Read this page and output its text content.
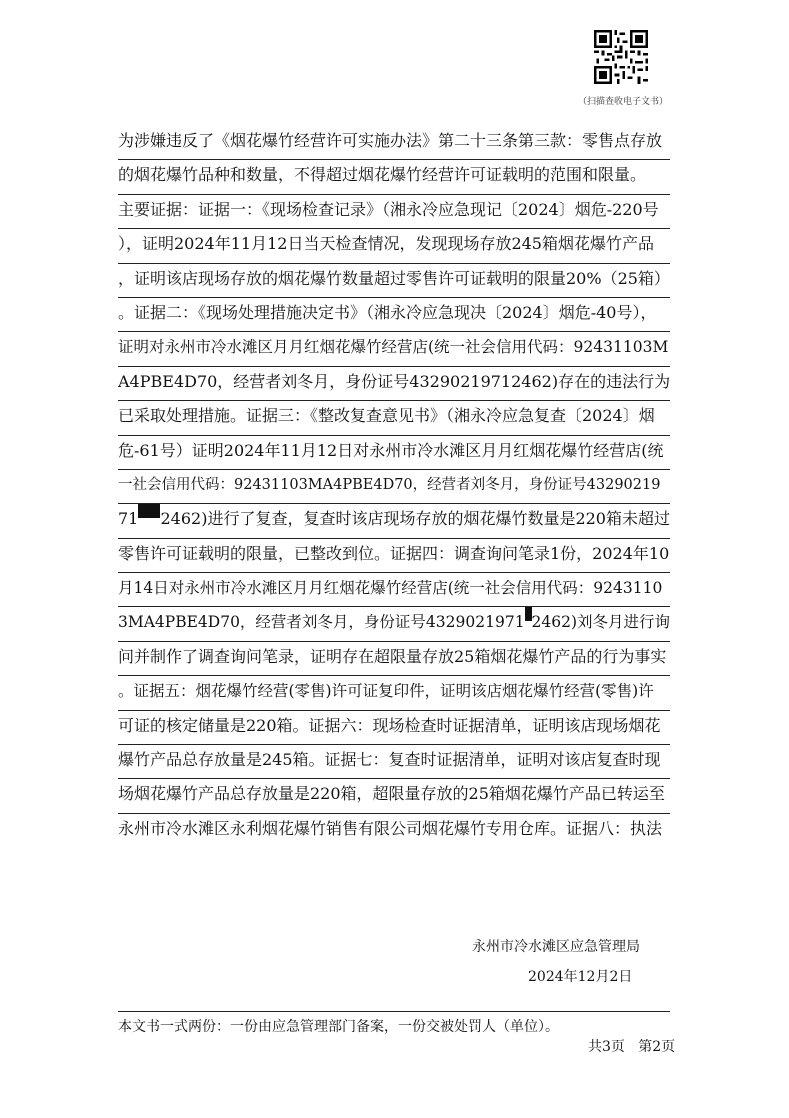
（扫描查收电子文书）
为涉嫌违反了《烟花爆竹经营许可实施办法》第二十三条第三款：零售点存放
的烟花爆竹品种和数量，不得超过烟花爆竹经营许可证载明的范围和限量。
主要证据：证据一：《现场检查记录》（湘永冷应急现记〔2024〕烟危-220号
），证明2024年11月12日当天检查情况，发现现场存放245箱烟花爆竹产品
，证明该店现场存放的烟花爆竹数量超过零售许可证载明的限量20%（25箱）
。证据二：《现场处理措施决定书》（湘永冷应急现决〔2024〕烟危-40号），
证明对永州市冷水滩区月月红烟花爆竹经营店(统一社会信用代码：92431103M
A4PBE4D70，经营者刘冬月，身份证号4329021971 2462)存在的违法行为
已采取处理措施。证据三：《整改复查意见书》（湘永冷应急复查〔2024〕烟
危-61号）证明2024年11月12日对永州市冷水滩区月月红烟花爆竹经营店(统
一社会信用代码：92431103MA4PBE4D70，经营者刘冬月，身份证号43290219
71 2462)进行了复查，复查时该店现场存放的烟花爆竹数量是220箱未超过
零售许可证载明的限量，已整改到位。证据四：调查询问笔录1份，2024年10
月14日对永州市冷水滩区月月红烟花爆竹经营店(统一社会信用代码：9243110
3MA4PBE4D70，经营者刘冬月，身份证号4329021971 2462)刘冬月进行询
问并制作了调查询问笔录，证明存在超限量存放25箱烟花爆竹产品的行为事实
。证据五：烟花爆竹经营(零售)许可证复印件，证明该店烟花爆竹经营(零售)许
可证的核定储量是220箱。证据六：现场检查时证据清单，证明该店现场烟花
爆竹产品总存放量是245箱。证据七：复查时证据清单，证明对该店复查时现
场烟花爆竹产品总存放量是220箱，超限量存放的25箱烟花爆竹产品已转运至
永州市冷水滩区永利烟花爆竹销售有限公司烟花爆竹专用仓库。证据八：执法
永州市冷水滩区应急管理局
2024年12月2日
本文书一式两份：一份由应急管理部门备案，一份交被处罚人（单位）。
共3页   第2页
